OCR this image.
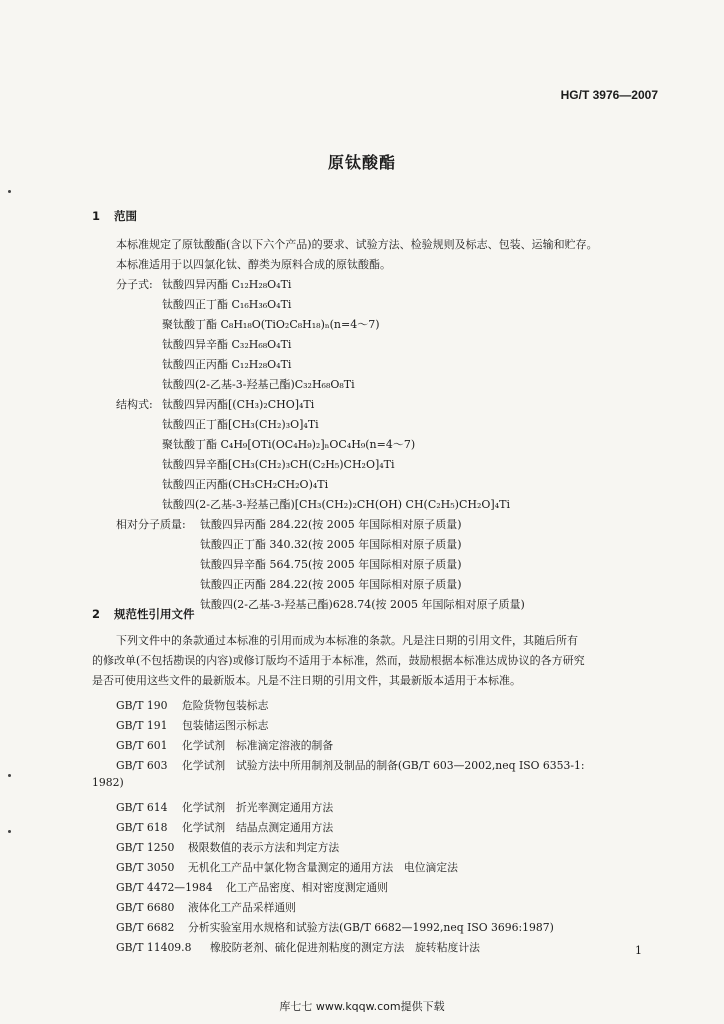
HG/T 3976—2007
原钛酸酯
1 范围
本标准规定了原钛酸酯(含以下六个产品)的要求、试验方法、检验规则及标志、包装、运输和贮存。
本标准适用于以四氯化钛、醇类为原料合成的原钛酸酯。
分子式: 钛酸四异丙酯 C₁₂H₂₈O₄Ti
钛酸四正丁酯 C₁₆H₃₆O₄Ti
聚钛酸丁酯 C₈H₁₈O(TiO₂C₈H₁₈)ₙ(n=4～7)
钛酸四异辛酯 C₃₂H₆₈O₄Ti
钛酸四正丙酯 C₁₂H₂₈O₄Ti
钛酸四(2-乙基-3-羟基己酯)C₃₂H₆₈O₈Ti
结构式: 钛酸四异丙酯[(CH₃)₂CHO]₄Ti
钛酸四正丁酯[CH₃(CH₂)₃O]₄Ti
聚钛酸丁酯 C₄H₉[OTi(OC₄H₉)₂]ₙOC₄H₉(n=4～7)
钛酸四异辛酯[CH₃(CH₂)₃CH(C₂H₅)CH₂O]₄Ti
钛酸四正丙酯(CH₃CH₂CH₂O)₄Ti
钛酸四(2-乙基-3-羟基己酯)[CH₃(CH₂)₂CH(OH) CH(C₂H₅)CH₂O]₄Ti
相对分子质量: 钛酸四异丙酯 284.22(按 2005 年国际相对原子质量)
钛酸四正丁酯 340.32(按 2005 年国际相对原子质量)
钛酸四异辛酯 564.75(按 2005 年国际相对原子质量)
钛酸四正丙酯 284.22(按 2005 年国际相对原子质量)
钛酸四(2-乙基-3-羟基己酯)628.74(按 2005 年国际相对原子质量)
2 规范性引用文件
下列文件中的条款通过本标准的引用而成为本标准的条款。凡是注日期的引用文件，其随后所有
的修改单(不包括勘误的内容)或修订版均不适用于本标准，然而，鼓励根据本标准达成协议的各方研究
是否可使用这些文件的最新版本。凡是不注日期的引用文件，其最新版本适用于本标准。
GB/T 190 危险货物包装标志
GB/T 191 包装储运图示标志
GB/T 601 化学试剂　标准滴定溶液的制备
GB/T 603 化学试剂　试验方法中所用制剂及制品的制备(GB/T 603—2002,neq ISO 6353-1:
1982)
GB/T 614 化学试剂　折光率测定通用方法
GB/T 618 化学试剂　结晶点测定通用方法
GB/T 1250 极限数值的表示方法和判定方法
GB/T 3050 无机化工产品中氯化物含量测定的通用方法　电位滴定法
GB/T 4472—1984 化工产品密度、相对密度测定通则
GB/T 6680 液体化工产品采样通则
GB/T 6682 分析实验室用水规格和试验方法(GB/T 6682—1992,neq ISO 3696:1987)
GB/T 11409.8 橡胶防老剂、硫化促进剂粘度的测定方法　旋转粘度计法	1
库七七 www.kqqw.com提供下载
